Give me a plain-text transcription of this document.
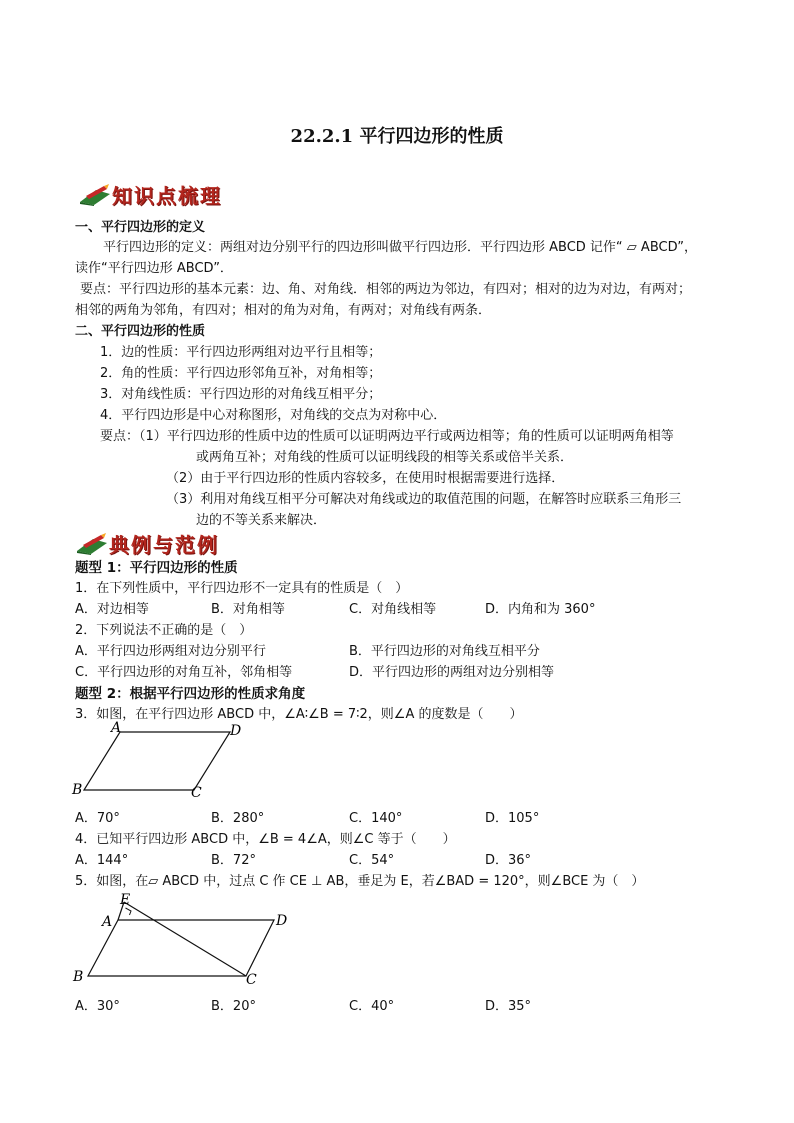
22.2.1 平行四边形的性质
知识点梳理
一、平行四边形的定义
平行四边形的定义：两组对边分别平行的四边形叫做平行四边形．平行四边形 ABCD 记作“ ▱ ABCD”，
读作“平行四边形 ABCD”．
要点：平行四边形的基本元素：边、角、对角线．相邻的两边为邻边，有四对；相对的边为对边，有两对；
相邻的两角为邻角，有四对；相对的角为对角，有两对；对角线有两条．
二、平行四边形的性质
1．边的性质：平行四边形两组对边平行且相等；
2．角的性质：平行四边形邻角互补，对角相等；
3．对角线性质：平行四边形的对角线互相平分；
4．平行四边形是中心对称图形，对角线的交点为对称中心．
要点：（1）平行四边形的性质中边的性质可以证明两边平行或两边相等；角的性质可以证明两角相等
或两角互补；对角线的性质可以证明线段的相等关系或倍半关系．
（2）由于平行四边形的性质内容较多，在使用时根据需要进行选择．
（3）利用对角线互相平分可解决对角线或边的取值范围的问题，在解答时应联系三角形三
边的不等关系来解决．
典例与范例
题型 1：平行四边形的性质
1．在下列性质中，平行四边形不一定具有的性质是（　）
A．对边相等	B．对角相等	C．对角线相等	D．内角和为 360°
2．下列说法不正确的是（　）
A．平行四边形两组对边分别平行	B．平行四边形的对角线互相平分
C．平行四边形的对角互补，邻角相等	D．平行四边形的两组对边分别相等
题型 2：根据平行四边形的性质求角度
3．如图，在平行四边形 ABCD 中，∠A∶∠B = 7∶2，则∠A 的度数是（　　）
A	D
B	C
A．70°	B．280°	C．140°	D．105°
4．已知平行四边形 ABCD 中，∠B = 4∠A，则∠C 等于（　　）
A．144°	B．72°	C．54°	D．36°
5．如图，在▱ ABCD 中，过点 C 作 CE ⊥ AB，垂足为 E，若∠BAD = 120°，则∠BCE 为（　）
E
A	D
B	C
A．30°	B．20°	C．40°	D．35°
